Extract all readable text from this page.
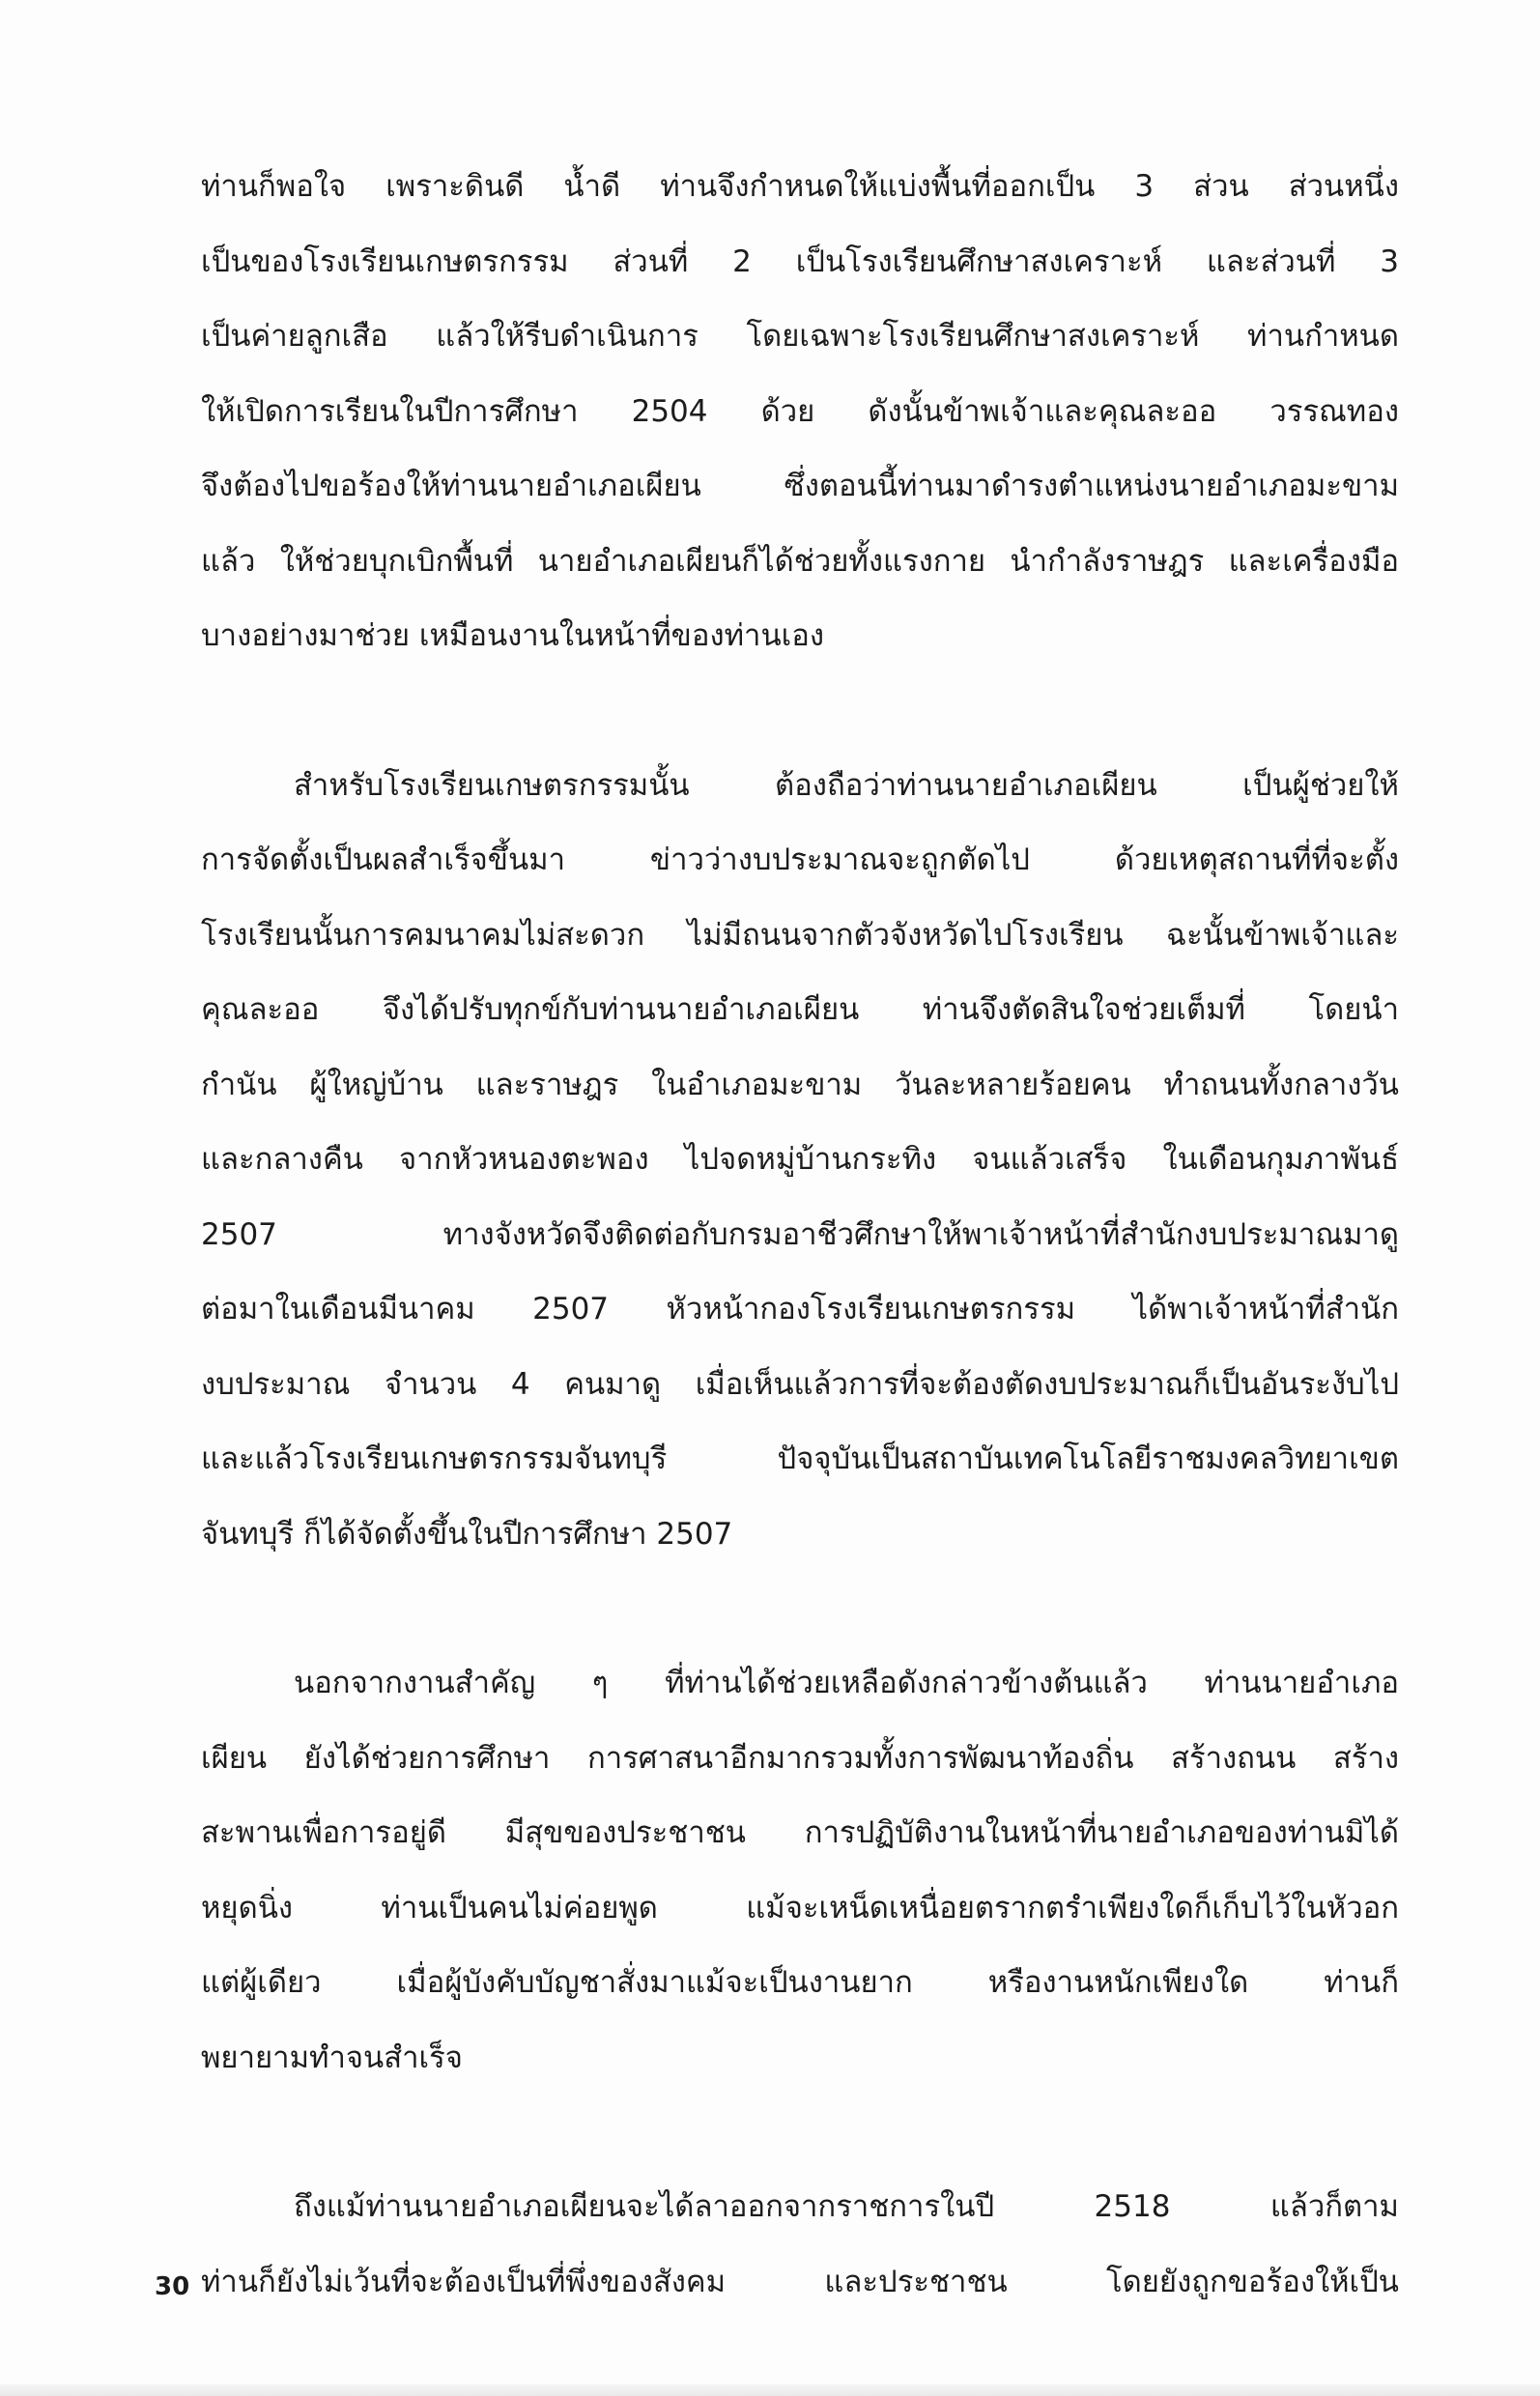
ท่านก็พอใจ เพราะดินดี น้ำดี ท่านจึงกำหนดให้แบ่งพื้นที่ออกเป็น 3 ส่วน ส่วนหนึ่ง
เป็นของโรงเรียนเกษตรกรรม ส่วนที่ 2 เป็นโรงเรียนศึกษาสงเคราะห์ และส่วนที่ 3
เป็นค่ายลูกเสือ แล้วให้รีบดำเนินการ โดยเฉพาะโรงเรียนศึกษาสงเคราะห์ ท่านกำหนด
ให้เปิดการเรียนในปีการศึกษา 2504 ด้วย ดังนั้นข้าพเจ้าและคุณละออ วรรณทอง
จึงต้องไปขอร้องให้ท่านนายอำเภอเผียน ซึ่งตอนนี้ท่านมาดำรงตำแหน่งนายอำเภอมะขาม
แล้ว ให้ช่วยบุกเบิกพื้นที่ นายอำเภอเผียนก็ได้ช่วยทั้งแรงกาย นำกำลังราษฎร และเครื่องมือ
บางอย่างมาช่วย เหมือนงานในหน้าที่ของท่านเอง
สำหรับโรงเรียนเกษตรกรรมนั้น ต้องถือว่าท่านนายอำเภอเผียน เป็นผู้ช่วยให้
การจัดตั้งเป็นผลสำเร็จขึ้นมา ข่าวว่างบประมาณจะถูกตัดไป ด้วยเหตุสถานที่ที่จะตั้ง
โรงเรียนนั้นการคมนาคมไม่สะดวก ไม่มีถนนจากตัวจังหวัดไปโรงเรียน ฉะนั้นข้าพเจ้าและ
คุณละออ จึงได้ปรับทุกข์กับท่านนายอำเภอเผียน ท่านจึงตัดสินใจช่วยเต็มที่ โดยนำ
กำนัน ผู้ใหญ่บ้าน และราษฎร ในอำเภอมะขาม วันละหลายร้อยคน ทำถนนทั้งกลางวัน
และกลางคืน จากหัวหนองตะพอง ไปจดหมู่บ้านกระทิง จนแล้วเสร็จ ในเดือนกุมภาพันธ์
2507 ทางจังหวัดจึงติดต่อกับกรมอาชีวศึกษาให้พาเจ้าหน้าที่สำนักงบประมาณมาดู
ต่อมาในเดือนมีนาคม 2507 หัวหน้ากองโรงเรียนเกษตรกรรม ได้พาเจ้าหน้าที่สำนัก
งบประมาณ จำนวน 4 คนมาดู เมื่อเห็นแล้วการที่จะต้องตัดงบประมาณก็เป็นอันระงับไป
และแล้วโรงเรียนเกษตรกรรมจันทบุรี ปัจจุบันเป็นสถาบันเทคโนโลยีราชมงคลวิทยาเขต
จันทบุรี ก็ได้จัดตั้งขึ้นในปีการศึกษา 2507
นอกจากงานสำคัญ ๆ ที่ท่านได้ช่วยเหลือดังกล่าวข้างต้นแล้ว ท่านนายอำเภอ
เผียน ยังได้ช่วยการศึกษา การศาสนาอีกมากรวมทั้งการพัฒนาท้องถิ่น สร้างถนน สร้าง
สะพานเพื่อการอยู่ดี มีสุขของประชาชน การปฏิบัติงานในหน้าที่นายอำเภอของท่านมิได้
หยุดนิ่ง ท่านเป็นคนไม่ค่อยพูด แม้จะเหน็ดเหนื่อยตรากตรำเพียงใดก็เก็บไว้ในหัวอก
แต่ผู้เดียว เมื่อผู้บังคับบัญชาสั่งมาแม้จะเป็นงานยาก หรืองานหนักเพียงใด ท่านก็
พยายามทำจนสำเร็จ
ถึงแม้ท่านนายอำเภอเผียนจะได้ลาออกจากราชการในปี 2518 แล้วก็ตาม
ท่านก็ยังไม่เว้นที่จะต้องเป็นที่พึ่งของสังคม และประชาชน โดยยังถูกขอร้องให้เป็น
30
